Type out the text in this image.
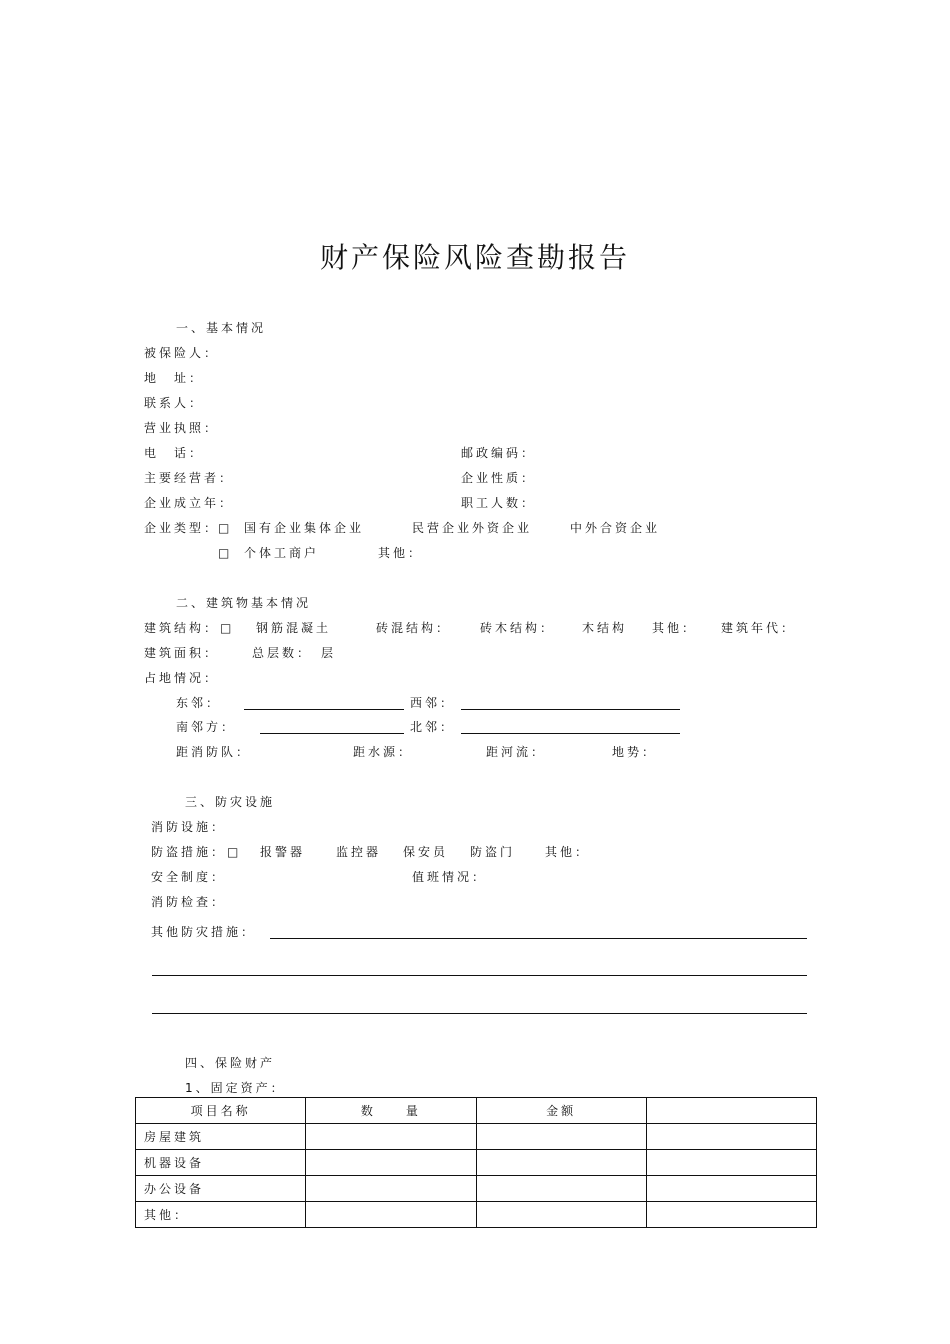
财产保险风险查勘报告
一、基本情况
被保险人：
地　址：
联系人：
营业执照：
电　话：	邮政编码：
主要经营者：	企业性质：
企业成立年：	职工人数：
企业类型：
□ 国有企业集体企业	民营企业外资企业	中外合资企业
□ 个体工商户	其他：
二、建筑物基本情况
建筑结构： □ 钢筋混凝土	砖混结构： 砖木结构： 木结构 其他： 建筑年代：
建筑面积：	总层数：　层
占地情况：
东邻：	西邻：
南邻方：	北邻：
距消防队：	距水源：	距河流：	地势：
三、防灾设施
消防设施：
防盗措施： □ 报警器	监控器 保安员 防盗门 其他：
安全制度：	值班情况：
消防检查：
其他防灾措施：
四、保险财产
1、固定资产：
项目名称	数　　量	金额	
房屋建筑			
机器设备			
办公设备			
其他：			
